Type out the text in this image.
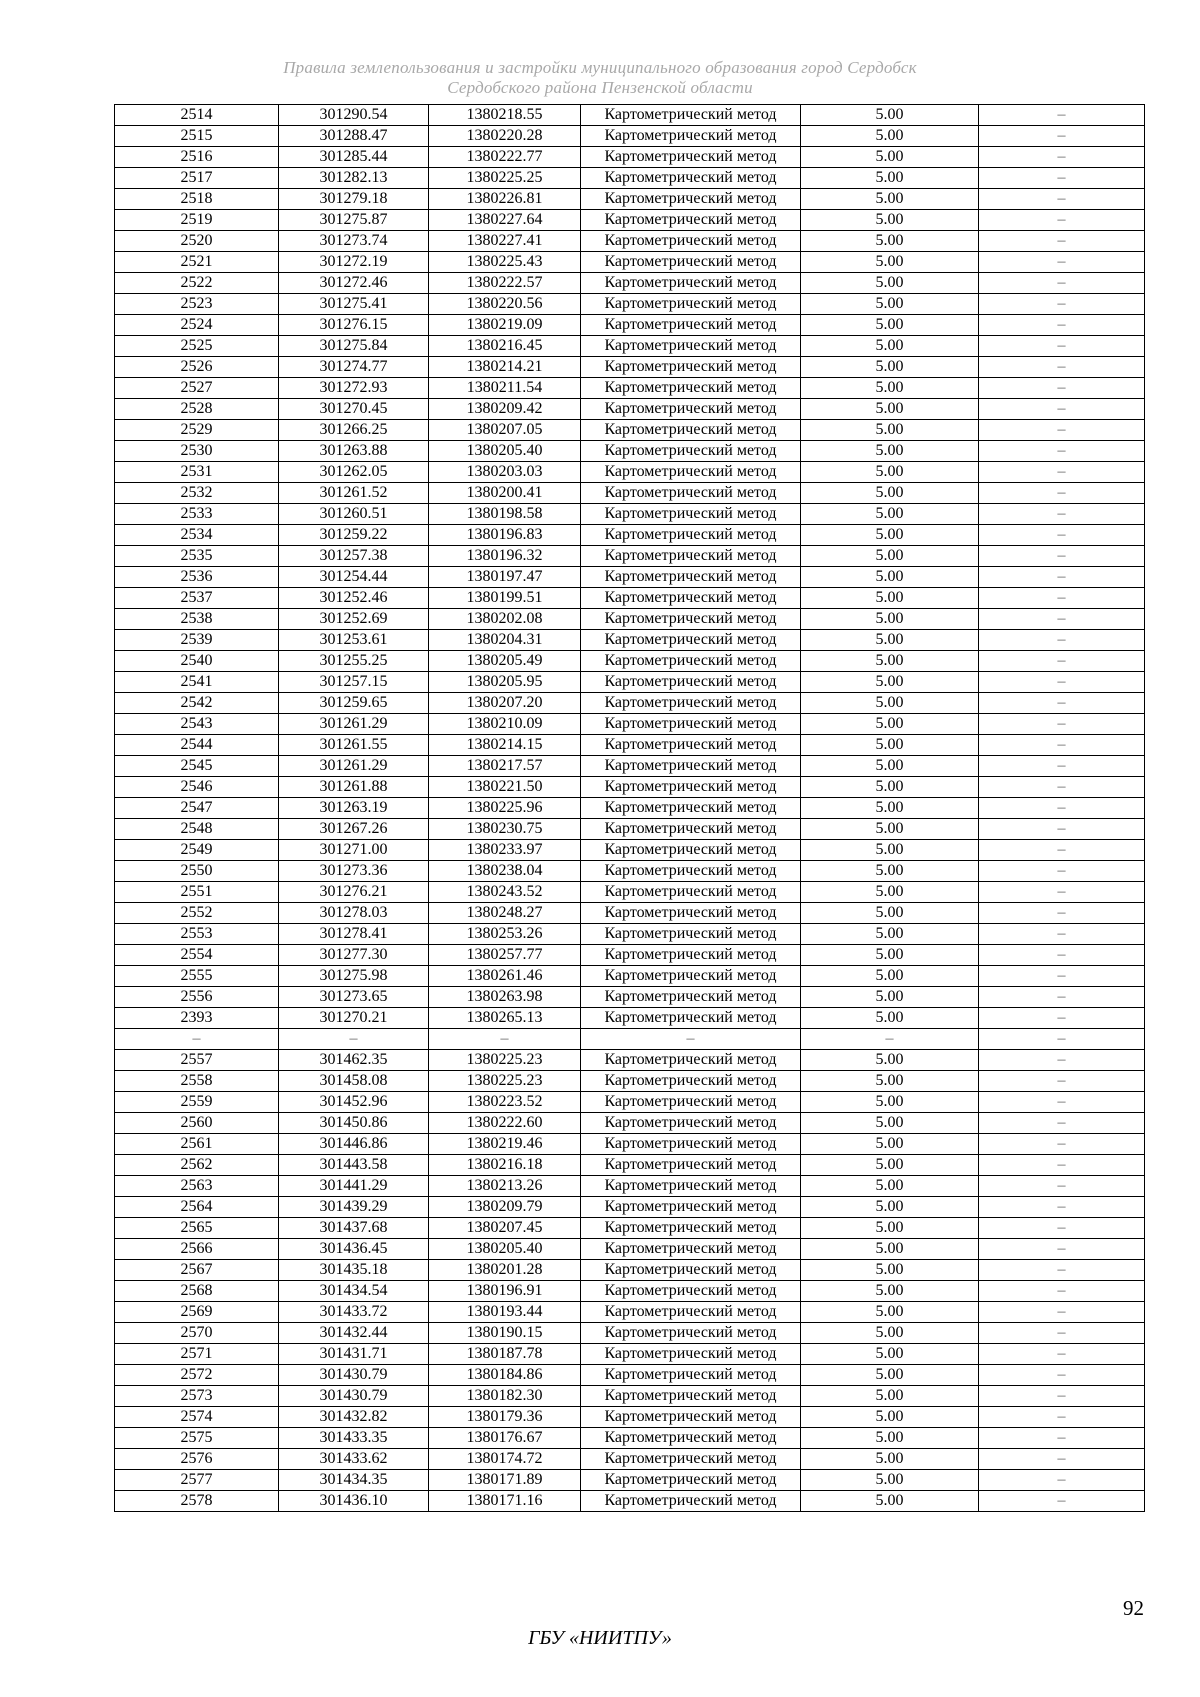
Правила землепользования и застройки муниципального образования город Сердобск
Сердобского района Пензенской области
2514	301290.54	1380218.55	Картометрический метод	5.00	–
2515	301288.47	1380220.28	Картометрический метод	5.00	–
2516	301285.44	1380222.77	Картометрический метод	5.00	–
2517	301282.13	1380225.25	Картометрический метод	5.00	–
2518	301279.18	1380226.81	Картометрический метод	5.00	–
2519	301275.87	1380227.64	Картометрический метод	5.00	–
2520	301273.74	1380227.41	Картометрический метод	5.00	–
2521	301272.19	1380225.43	Картометрический метод	5.00	–
2522	301272.46	1380222.57	Картометрический метод	5.00	–
2523	301275.41	1380220.56	Картометрический метод	5.00	–
2524	301276.15	1380219.09	Картометрический метод	5.00	–
2525	301275.84	1380216.45	Картометрический метод	5.00	–
2526	301274.77	1380214.21	Картометрический метод	5.00	–
2527	301272.93	1380211.54	Картометрический метод	5.00	–
2528	301270.45	1380209.42	Картометрический метод	5.00	–
2529	301266.25	1380207.05	Картометрический метод	5.00	–
2530	301263.88	1380205.40	Картометрический метод	5.00	–
2531	301262.05	1380203.03	Картометрический метод	5.00	–
2532	301261.52	1380200.41	Картометрический метод	5.00	–
2533	301260.51	1380198.58	Картометрический метод	5.00	–
2534	301259.22	1380196.83	Картометрический метод	5.00	–
2535	301257.38	1380196.32	Картометрический метод	5.00	–
2536	301254.44	1380197.47	Картометрический метод	5.00	–
2537	301252.46	1380199.51	Картометрический метод	5.00	–
2538	301252.69	1380202.08	Картометрический метод	5.00	–
2539	301253.61	1380204.31	Картометрический метод	5.00	–
2540	301255.25	1380205.49	Картометрический метод	5.00	–
2541	301257.15	1380205.95	Картометрический метод	5.00	–
2542	301259.65	1380207.20	Картометрический метод	5.00	–
2543	301261.29	1380210.09	Картометрический метод	5.00	–
2544	301261.55	1380214.15	Картометрический метод	5.00	–
2545	301261.29	1380217.57	Картометрический метод	5.00	–
2546	301261.88	1380221.50	Картометрический метод	5.00	–
2547	301263.19	1380225.96	Картометрический метод	5.00	–
2548	301267.26	1380230.75	Картометрический метод	5.00	–
2549	301271.00	1380233.97	Картометрический метод	5.00	–
2550	301273.36	1380238.04	Картометрический метод	5.00	–
2551	301276.21	1380243.52	Картометрический метод	5.00	–
2552	301278.03	1380248.27	Картометрический метод	5.00	–
2553	301278.41	1380253.26	Картометрический метод	5.00	–
2554	301277.30	1380257.77	Картометрический метод	5.00	–
2555	301275.98	1380261.46	Картометрический метод	5.00	–
2556	301273.65	1380263.98	Картометрический метод	5.00	–
2393	301270.21	1380265.13	Картометрический метод	5.00	–
–	–	–	–	–	–
2557	301462.35	1380225.23	Картометрический метод	5.00	–
2558	301458.08	1380225.23	Картометрический метод	5.00	–
2559	301452.96	1380223.52	Картометрический метод	5.00	–
2560	301450.86	1380222.60	Картометрический метод	5.00	–
2561	301446.86	1380219.46	Картометрический метод	5.00	–
2562	301443.58	1380216.18	Картометрический метод	5.00	–
2563	301441.29	1380213.26	Картометрический метод	5.00	–
2564	301439.29	1380209.79	Картометрический метод	5.00	–
2565	301437.68	1380207.45	Картометрический метод	5.00	–
2566	301436.45	1380205.40	Картометрический метод	5.00	–
2567	301435.18	1380201.28	Картометрический метод	5.00	–
2568	301434.54	1380196.91	Картометрический метод	5.00	–
2569	301433.72	1380193.44	Картометрический метод	5.00	–
2570	301432.44	1380190.15	Картометрический метод	5.00	–
2571	301431.71	1380187.78	Картометрический метод	5.00	–
2572	301430.79	1380184.86	Картометрический метод	5.00	–
2573	301430.79	1380182.30	Картометрический метод	5.00	–
2574	301432.82	1380179.36	Картометрический метод	5.00	–
2575	301433.35	1380176.67	Картометрический метод	5.00	–
2576	301433.62	1380174.72	Картометрический метод	5.00	–
2577	301434.35	1380171.89	Картометрический метод	5.00	–
2578	301436.10	1380171.16	Картометрический метод	5.00	–
92
ГБУ «НИИТПУ»
